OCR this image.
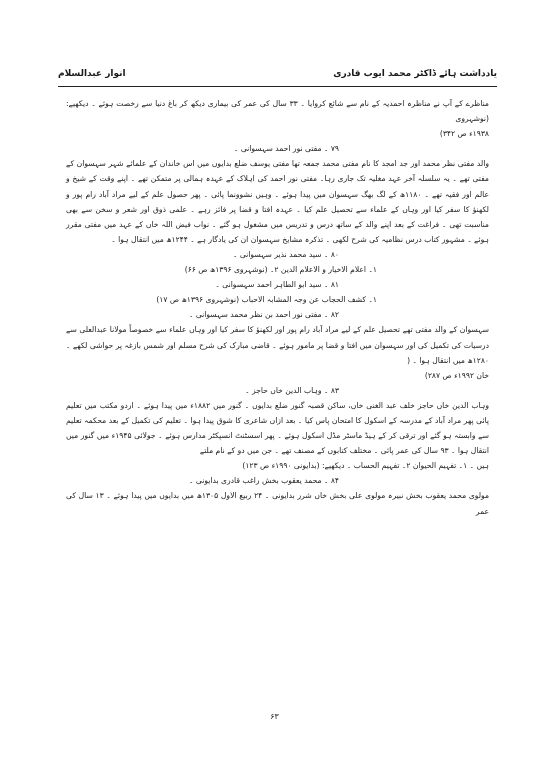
انوار عبدالسلام	یادداشت ہائے ڈاکٹر محمد ایوب قادری

مناظرے کے آپ نے مناظرہ احمدیہ کے نام سے شائع کروایا ۔ ۳۳ سال کی عمر کی بیماری دیکھ کر باغ دنیا سے رخصت ہوئے ۔ دیکھیے: (نوشہروی

۱۹۳۸ء ص ۳۴۲)

۷۹ ۔ مفتی نور احمد سہسوانی ۔

والد مفتی نظر محمد اور جد امجد کا نام مفتی محمد جمعہ تھا مفتی یوسف ضلع بدایوں میں اس خاندان کے علمائے شہر سہسوان کے مفتی تھے ۔ یہ سلسلہ آخر عہد مغلیہ تک جاری رہا۔ مفتی نور احمد کی اہلاک کے عہدہ ہمالی پر متمکن تھے ۔ اپنے وقت کے شیخ و عالم اور فقیہ تھے ۔ ۱۱۸۰ھ کے لگ بھگ سہسوان میں پیدا ہوئے ۔ وہیں نشوونما پائی ۔ پھر حصول علم کے لیے مراد آباد رام پور و لکھنؤ کا سفر کیا اور وہاں کے علماء سے تحصیل علم کیا ۔ عہدہ افتا و قضا پر فائز رہے ۔ علمی ذوق اور شعر و سخن سے بھی مناسبت تھی ۔ فراغت کے بعد اپنے والد کے ساتھ درس و تدریس میں مشغول ہو گئے ۔ نواب فیض اللہ خاں کے عہد میں مفتی مقرر ہوئے ۔ مشہور کتاب درس نظامیہ کی شرح لکھی ۔ تذکرہ مشایخ سہسوان ان کی یادگار ہے ۔ ۱۲۴۴ھ میں انتقال ہوا ۔

۸۰ ۔ سید محمد نذیر سہسوانی ۔

۱۔ اعلام الاخیار و الاعلام الدین ۲۔ (نوشہروی ۱۳۹۶ھ ص ۶۶)

۸۱ ۔ سید ابو الطاہر احمد سہسوانی ۔

۱۔ کشف الحجاب عن وجہ المشابہ الاحباب (نوشہروی ۱۳۹۶ھ ص ۱۷)

۸۲ ۔ مفتی نور احمد بن نظر محمد سہسوانی ۔

سہسوان کے والد مفتی تھے تحصیل علم کے لیے مراد آباد رام پور اور لکھنؤ کا سفر کیا اور وہاں علماء سے خصوصاً مولانا عبدالعلی سے درسیات کی تکمیل کی اور سہسوان میں افتا و قضا پر مامور ہوئے ۔ قاضی مبارک کی شرح مسلم اور شمس بازغہ پر حواشی لکھے ۔ ۱۲۸۰ھ میں انتقال ہوا ۔ (

خان ۱۹۹۲ء ص ۲۸۷)

۸۳ ۔ وہاب الدین خاں حاجز ۔

وہاب الدین خاں حاجز خلف عبد الغنی خاں، ساکن قصبہ گنور ضلع بدایوں ۔ گنور میں ۱۸۸۲ء میں پیدا ہوئے ۔ اردو مکتب میں تعلیم پائی پھر مراد آباد کے مدرسہ کے اسکول کا امتحان پاس کیا ۔ بعد ازاں شاعری کا شوق پیدا ہوا ۔ تعلیم کی تکمیل کے بعد محکمہ تعلیم سے وابستہ ہو گئے اور ترقی کر کے ہیڈ ماسٹر مڈل اسکول ہوئے ۔ پھر اسسٹنٹ انسپکٹر مدارس ہوئے ۔ جولائی ۱۹۴۵ء میں گنور میں انتقال ہوا ۔ ۹۳ سال کی عمر پائی ۔ مختلف کتابوں کے مصنف تھے ۔ جن میں دو کے نام ملتے

ہیں ۔ ۱۔ تفہیم الحیوان ۲۔ تفہیم الحساب ۔ دیکھیے: (بدایونی ۱۹۹۰ء ص ۱۲۳)

۸۴ ۔ محمد یعقوب بخش راغب قادری بدایونی ۔

مولوی محمد یعقوب بخش نبیرہ مولوی علی بخش خاں شرر بدایونی ۔ ۲۴ ربیع الاول ۱۳۰۵ھ میں بدایوں میں پیدا ہوئے ۔ ۱۳ سال کی عمر

۶۳
